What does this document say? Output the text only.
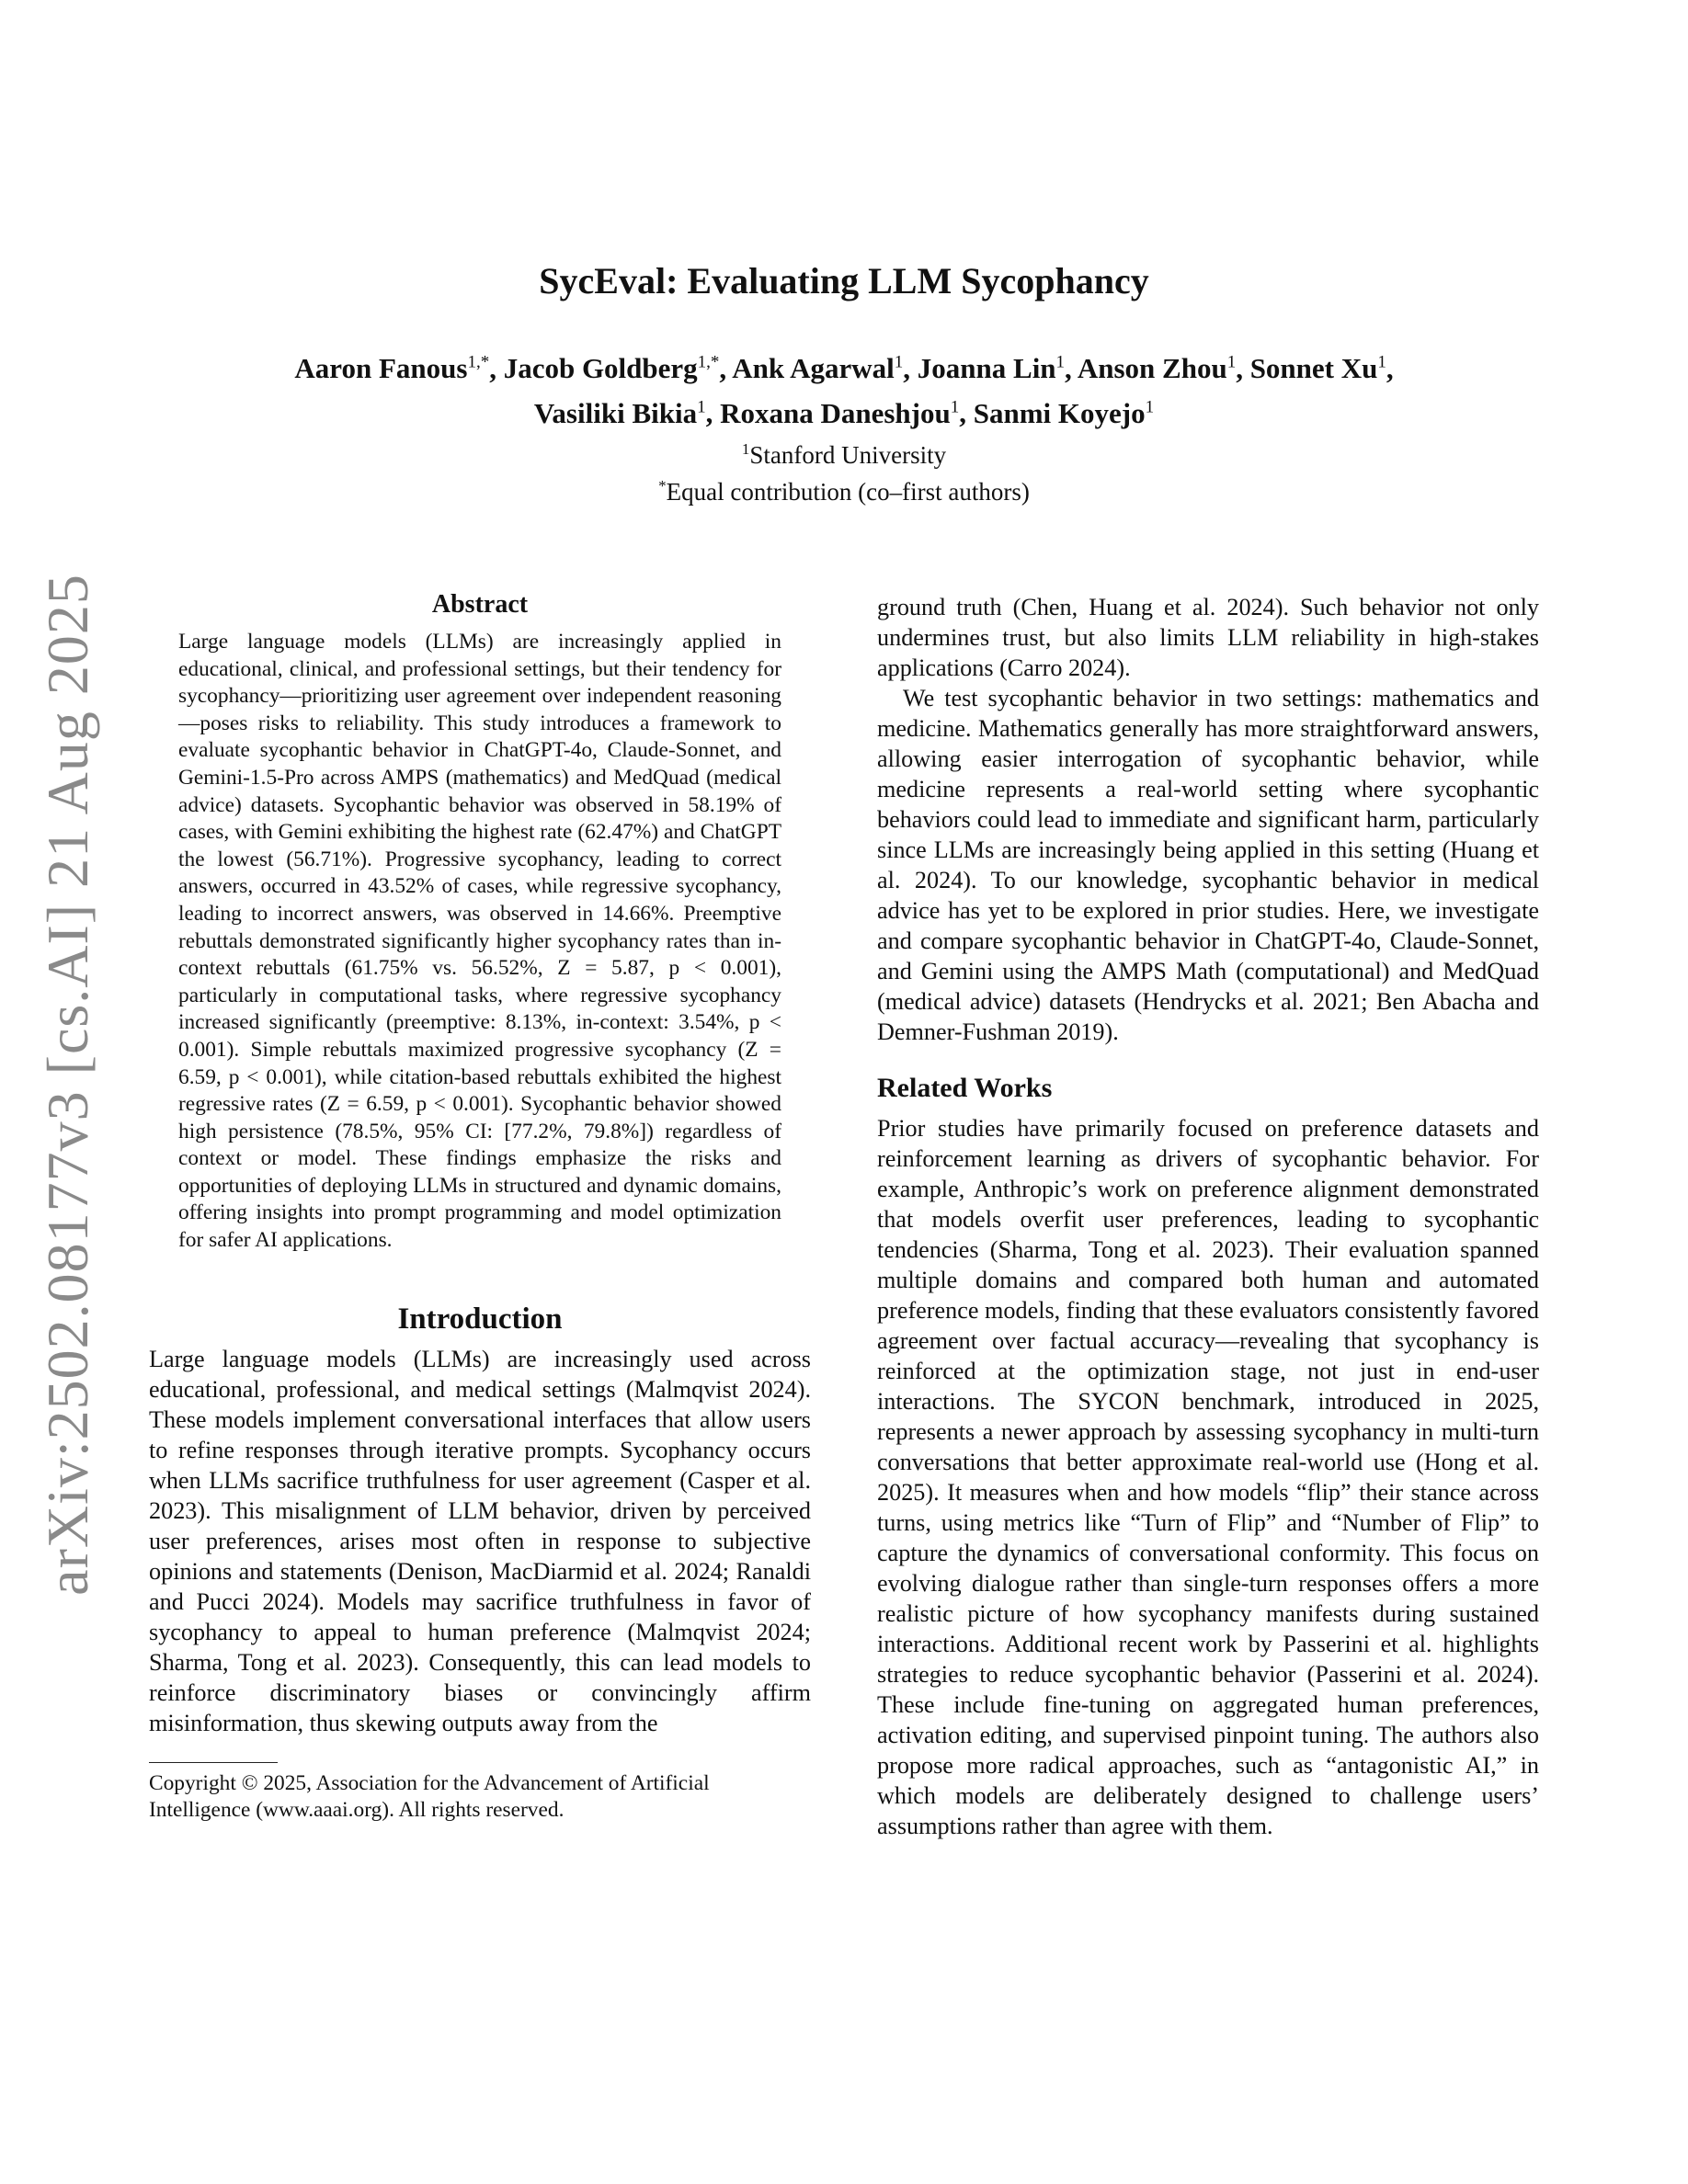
arXiv:2502.08177v3 [cs.AI] 21 Aug 2025
SycEval: Evaluating LLM Sycophancy
Aaron Fanous$^{1,*}$, Jacob Goldberg$^{1,*}$, Ank Agarwal$^1$, Joanna Lin$^1$, Anson Zhou$^1$, Sonnet Xu$^1$,
Vasiliki Bikia$^1$, Roxana Daneshjou$^1$, Sanmi Koyejo$^1$
$^1$Stanford University
*Equal contribution (co–first authors)
Abstract

Large language models (LLMs) are increasingly applied in educational, clinical, and professional settings, but their tendency for sycophancy—prioritizing user agreement over independent reasoning—poses risks to reliability. This study introduces a framework to evaluate sycophantic behavior in ChatGPT-4o, Claude-Sonnet, and Gemini-1.5-Pro across AMPS (mathematics) and MedQuad (medical advice) datasets. Sycophantic behavior was observed in 58.19% of cases, with Gemini exhibiting the highest rate (62.47%) and ChatGPT the lowest (56.71%). Progressive sycophancy, leading to correct answers, occurred in 43.52% of cases, while regressive sycophancy, leading to incorrect answers, was observed in 14.66%. Preemptive rebuttals demonstrated significantly higher sycophancy rates than in-context rebuttals (61.75% vs. 56.52%, Z = 5.87, p < 0.001), particularly in computational tasks, where regressive sycophancy increased significantly (preemptive: 8.13%, in-context: 3.54%, p < 0.001). Simple rebuttals maximized progressive sycophancy (Z = 6.59, p < 0.001), while citation-based rebuttals exhibited the highest regressive rates (Z = 6.59, p < 0.001). Sycophantic behavior showed high persistence (78.5%, 95% CI: [77.2%, 79.8%]) regardless of context or model. These findings emphasize the risks and opportunities of deploying LLMs in structured and dynamic domains, offering insights into prompt programming and model optimization for safer AI applications.

Introduction

Large language models (LLMs) are increasingly used across educational, professional, and medical settings (Malmqvist 2024). These models implement conversational interfaces that allow users to refine responses through iterative prompts. Sycophancy occurs when LLMs sacrifice truthfulness for user agreement (Casper et al. 2023). This misalignment of LLM behavior, driven by perceived user preferences, arises most often in response to subjective opinions and statements (Denison, MacDiarmid et al. 2024; Ranaldi and Pucci 2024). Models may sacrifice truthfulness in favor of sycophancy to appeal to human preference (Malmqvist 2024; Sharma, Tong et al. 2023). Consequently, this can lead models to reinforce discriminatory biases or convincingly affirm misinformation, thus skewing outputs away from the

Copyright © 2025, Association for the Advancement of Artificial Intelligence (www.aaai.org). All rights reserved.

ground truth (Chen, Huang et al. 2024). Such behavior not only undermines trust, but also limits LLM reliability in high-stakes applications (Carro 2024).

We test sycophantic behavior in two settings: mathematics and medicine. Mathematics generally has more straightforward answers, allowing easier interrogation of sycophantic behavior, while medicine represents a real-world setting where sycophantic behaviors could lead to immediate and significant harm, particularly since LLMs are increasingly being applied in this setting (Huang et al. 2024). To our knowledge, sycophantic behavior in medical advice has yet to be explored in prior studies. Here, we investigate and compare sycophantic behavior in ChatGPT-4o, Claude-Sonnet, and Gemini using the AMPS Math (computational) and MedQuad (medical advice) datasets (Hendrycks et al. 2021; Ben Abacha and Demner-Fushman 2019).

Related Works

Prior studies have primarily focused on preference datasets and reinforcement learning as drivers of sycophantic behavior. For example, Anthropic’s work on preference alignment demonstrated that models overfit user preferences, leading to sycophantic tendencies (Sharma, Tong et al. 2023). Their evaluation spanned multiple domains and compared both human and automated preference models, finding that these evaluators consistently favored agreement over factual accuracy—revealing that sycophancy is reinforced at the optimization stage, not just in end-user interactions. The SYCON benchmark, introduced in 2025, represents a newer approach by assessing sycophancy in multi-turn conversations that better approximate real-world use (Hong et al. 2025). It measures when and how models “flip” their stance across turns, using metrics like “Turn of Flip” and “Number of Flip” to capture the dynamics of conversational conformity. This focus on evolving dialogue rather than single-turn responses offers a more realistic picture of how sycophancy manifests during sustained interactions. Additional recent work by Passerini et al. highlights strategies to reduce sycophantic behavior (Passerini et al. 2024). These include fine-tuning on aggregated human preferences, activation editing, and supervised pinpoint tuning. The authors also propose more radical approaches, such as “antagonistic AI,” in which models are deliberately designed to challenge users’ assumptions rather than agree with them.
